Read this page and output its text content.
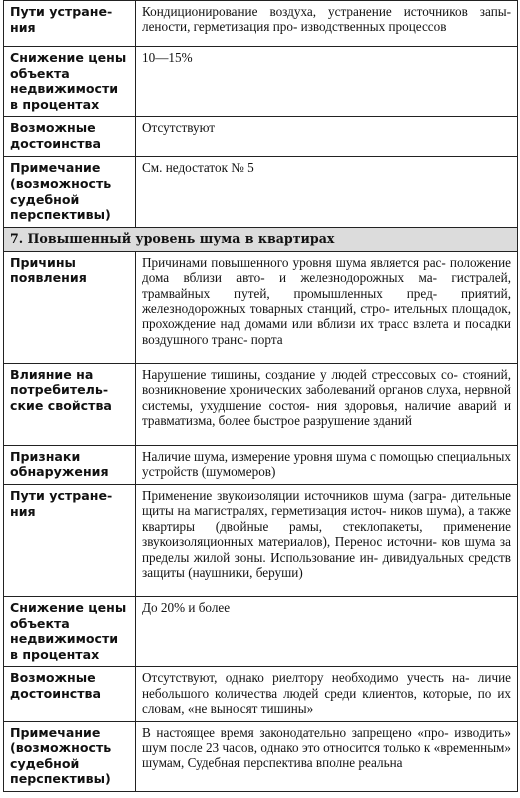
Пути устране- ния	Кондиционирование воздуха, устранение источников запы- лености, герметизация про- изводственных процессов
Снижение цены объекта недвижимости в процентах	10—15%
Возможные достоинства	Отсутствуют
Примечание (возможность судебной перспективы)	См. недостаток № 5
7. Повышенный уровень шума в квартирах	
Причины появления	Причинами повышенного уровня шума является рас- положение дома вблизи авто- и железнодорожных ма- гистралей, трамвайных путей, промышленных пред- приятий, железнодорожных товарных станций, стро- ительных площадок, прохождение над домами или вблизи их трасс взлета и посадки воздушного транс- порта
Влияние на потребитель- ские свойства	Нарушение тишины, создание у людей стрессовых со- стояний, возникновение хронических заболеваний органов слуха, нервной системы, ухудшение состоя- ния здоровья, наличие аварий и травматизма, более быстрое разрушение зданий
Признаки обнаружения	Наличие шума, измерение уровня шума с помощью специальных устройств (шумомеров)
Пути устране- ния	Применение звукоизоляции источников шума (загра- дительные щиты на магистралях, герметизация источ- ников шума), а также квартиры (двойные рамы, стеклопакеты, применение звукоизоляционных материалов), Перенос источни- ков шума за пределы жилой зоны. Использование ин- дивидуальных средств защиты (наушники, беруши)
Снижение цены объекта недвижимости в процентах	До 20% и более
Возможные достоинства	Отсутствуют, однако риелтору необходимо учесть на- личие небольшого количества людей среди клиентов, которые, по их словам, «не выносят тишины»
Примечание (возможность судебной перспективы)	В настоящее время законодательно запрещено «про- изводить» шум после 23 часов, однако это относится только к «временным» шумам, Судебная перспектива вполне реальна
